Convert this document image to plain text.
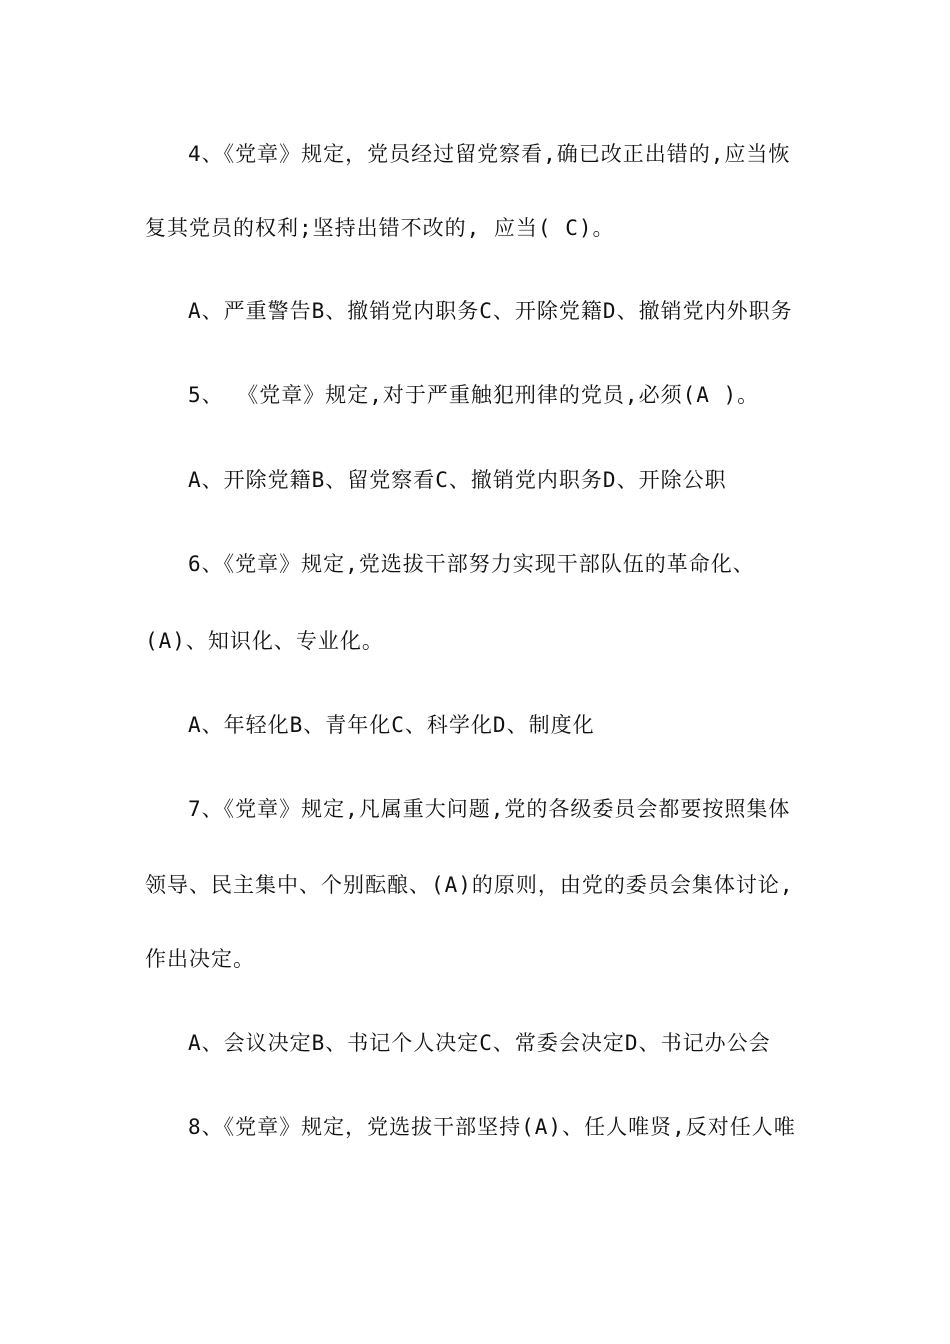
4、《党章》规定，党员经过留党察看,确已改正出错的,应当恢
复其党员的权利;坚持出错不改的, 应当( C)。
A、严重警告B、撤销党内职务C、开除党籍D、撤销党内外职务
5、 《党章》规定,对于严重触犯刑律的党员,必须(A )。
A、开除党籍B、留党察看C、撤销党内职务D、开除公职
6、《党章》规定,党选拔干部努力实现干部队伍的革命化、
(A)、知识化、专业化。
A、年轻化B、青年化C、科学化D、制度化
7、《党章》规定,凡属重大问题,党的各级委员会都要按照集体
领导、民主集中、个别酝酿、(A)的原则，由党的委员会集体讨论,
作出决定。
A、会议决定B、书记个人决定C、常委会决定D、书记办公会
8、《党章》规定，党选拔干部坚持(A)、任人唯贤,反对任人唯
